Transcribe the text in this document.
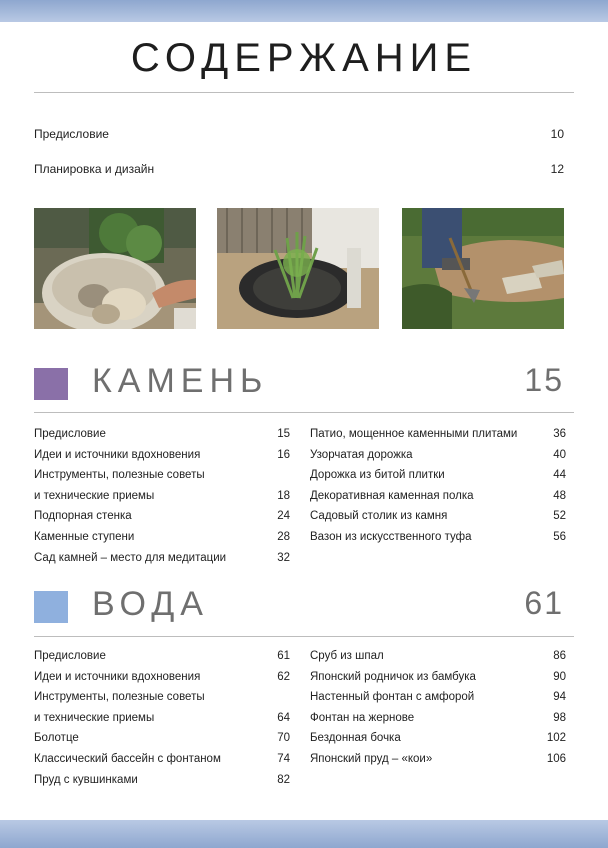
СОДЕРЖАНИЕ
Предисловие	10
Планировка и дизайн	12
КАМЕНЬ	15
Предисловие	15
Идеи и источники вдохновения	16
Инструменты, полезные советы
и технические приемы	18
Подпорная стенка	24
Каменные ступени	28
Сад камней – место для медитации	32
Патио, мощенное каменными плитами	36
Узорчатая дорожка	40
Дорожка из битой плитки	44
Декоративная каменная полка	48
Садовый столик из камня	52
Вазон из искусственного туфа	56
ВОДА	61
Предисловие	61
Идеи и источники вдохновения	62
Инструменты, полезные советы
и технические приемы	64
Болотце	70
Классический бассейн с фонтаном	74
Пруд с кувшинками	82
Сруб из шпал	86
Японский родничок из бамбука	90
Настенный фонтан с амфорой	94
Фонтан на жернове	98
Бездонная бочка	102
Японский пруд – «кои»	106
